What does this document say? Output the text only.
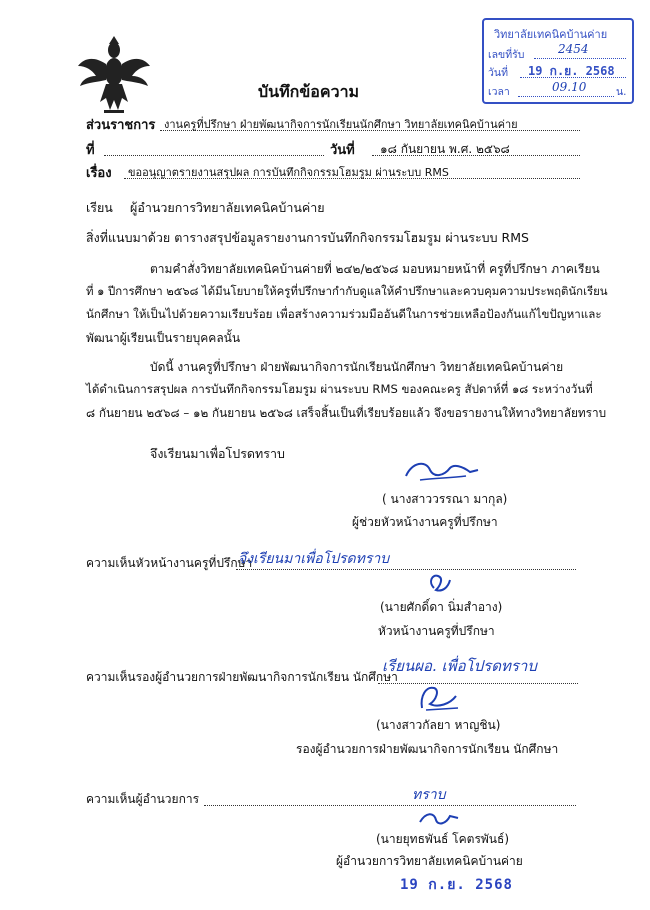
บันทึกข้อความ
วิทยาลัยเทคนิคบ้านค่าย
เลขที่รับ	2454
วันที่ 19 ก.ย. 2568
เวลา	09.10	น.
ส่วนราชการ งานครูที่ปรึกษา ฝ่ายพัฒนากิจการนักเรียนนักศึกษา วิทยาลัยเทคนิคบ้านค่าย
ที่	วันที่ ๑๘ กันยายน พ.ศ. ๒๕๖๘
เรื่อง ขออนุญาตรายงานสรุปผล การบันทึกกิจกรรมโฮมรูม ผ่านระบบ RMS
เรียน ผู้อำนวยการวิทยาลัยเทคนิคบ้านค่าย
สิ่งที่แนบมาด้วย ตารางสรุปข้อมูลรายงานการบันทึกกิจกรรมโฮมรูม ผ่านระบบ RMS
ตามคำสั่งวิทยาลัยเทคนิคบ้านค่ายที่ ๒๔๒/๒๕๖๘ มอบหมายหน้าที่ ครูที่ปรึกษา ภาคเรียน
ที่ ๑ ปีการศึกษา ๒๕๖๘ ได้มีนโยบายให้ครูที่ปรึกษากำกับดูแลให้คำปรึกษาและควบคุมความประพฤตินักเรียน
นักศึกษา ให้เป็นไปด้วยความเรียบร้อย เพื่อสร้างความร่วมมืออันดีในการช่วยเหลือป้องกันแก้ไขปัญหาและ
พัฒนาผู้เรียนเป็นรายบุคคลนั้น
บัดนี้ งานครูที่ปรึกษา ฝ่ายพัฒนากิจการนักเรียนนักศึกษา วิทยาลัยเทคนิคบ้านค่าย
ได้ดำเนินการสรุปผล การบันทึกกิจกรรมโฮมรูม ผ่านระบบ RMS ของคณะครู สัปดาห์ที่ ๑๘ ระหว่างวันที่
๘ กันยายน ๒๕๖๘ – ๑๒ กันยายน ๒๕๖๘ เสร็จสิ้นเป็นที่เรียบร้อยแล้ว จึงขอรายงานให้ทางวิทยาลัยทราบ
จึงเรียนมาเพื่อโปรดทราบ
( นางสาววรรณา มากุล)
ผู้ช่วยหัวหน้างานครูที่ปรึกษา
ความเห็นหัวหน้างานครูที่ปรึกษา
จึงเรียนมาเพื่อโปรดทราบ
(นายศักดิ์ดา นิ่มสำอาง)
หัวหน้างานครูที่ปรึกษา
ความเห็นรองผู้อำนวยการฝ่ายพัฒนากิจการนักเรียน นักศึกษา
เรียนผอ. เพื่อโปรดทราบ
(นางสาวกัลยา หาญชิน)
รองผู้อำนวยการฝ่ายพัฒนากิจการนักเรียน นักศึกษา
ความเห็นผู้อำนวยการ	ทราบ
(นายยุทธพันธ์ โคตรพันธ์)
ผู้อำนวยการวิทยาลัยเทคนิคบ้านค่าย
19 ก.ย. 2568
